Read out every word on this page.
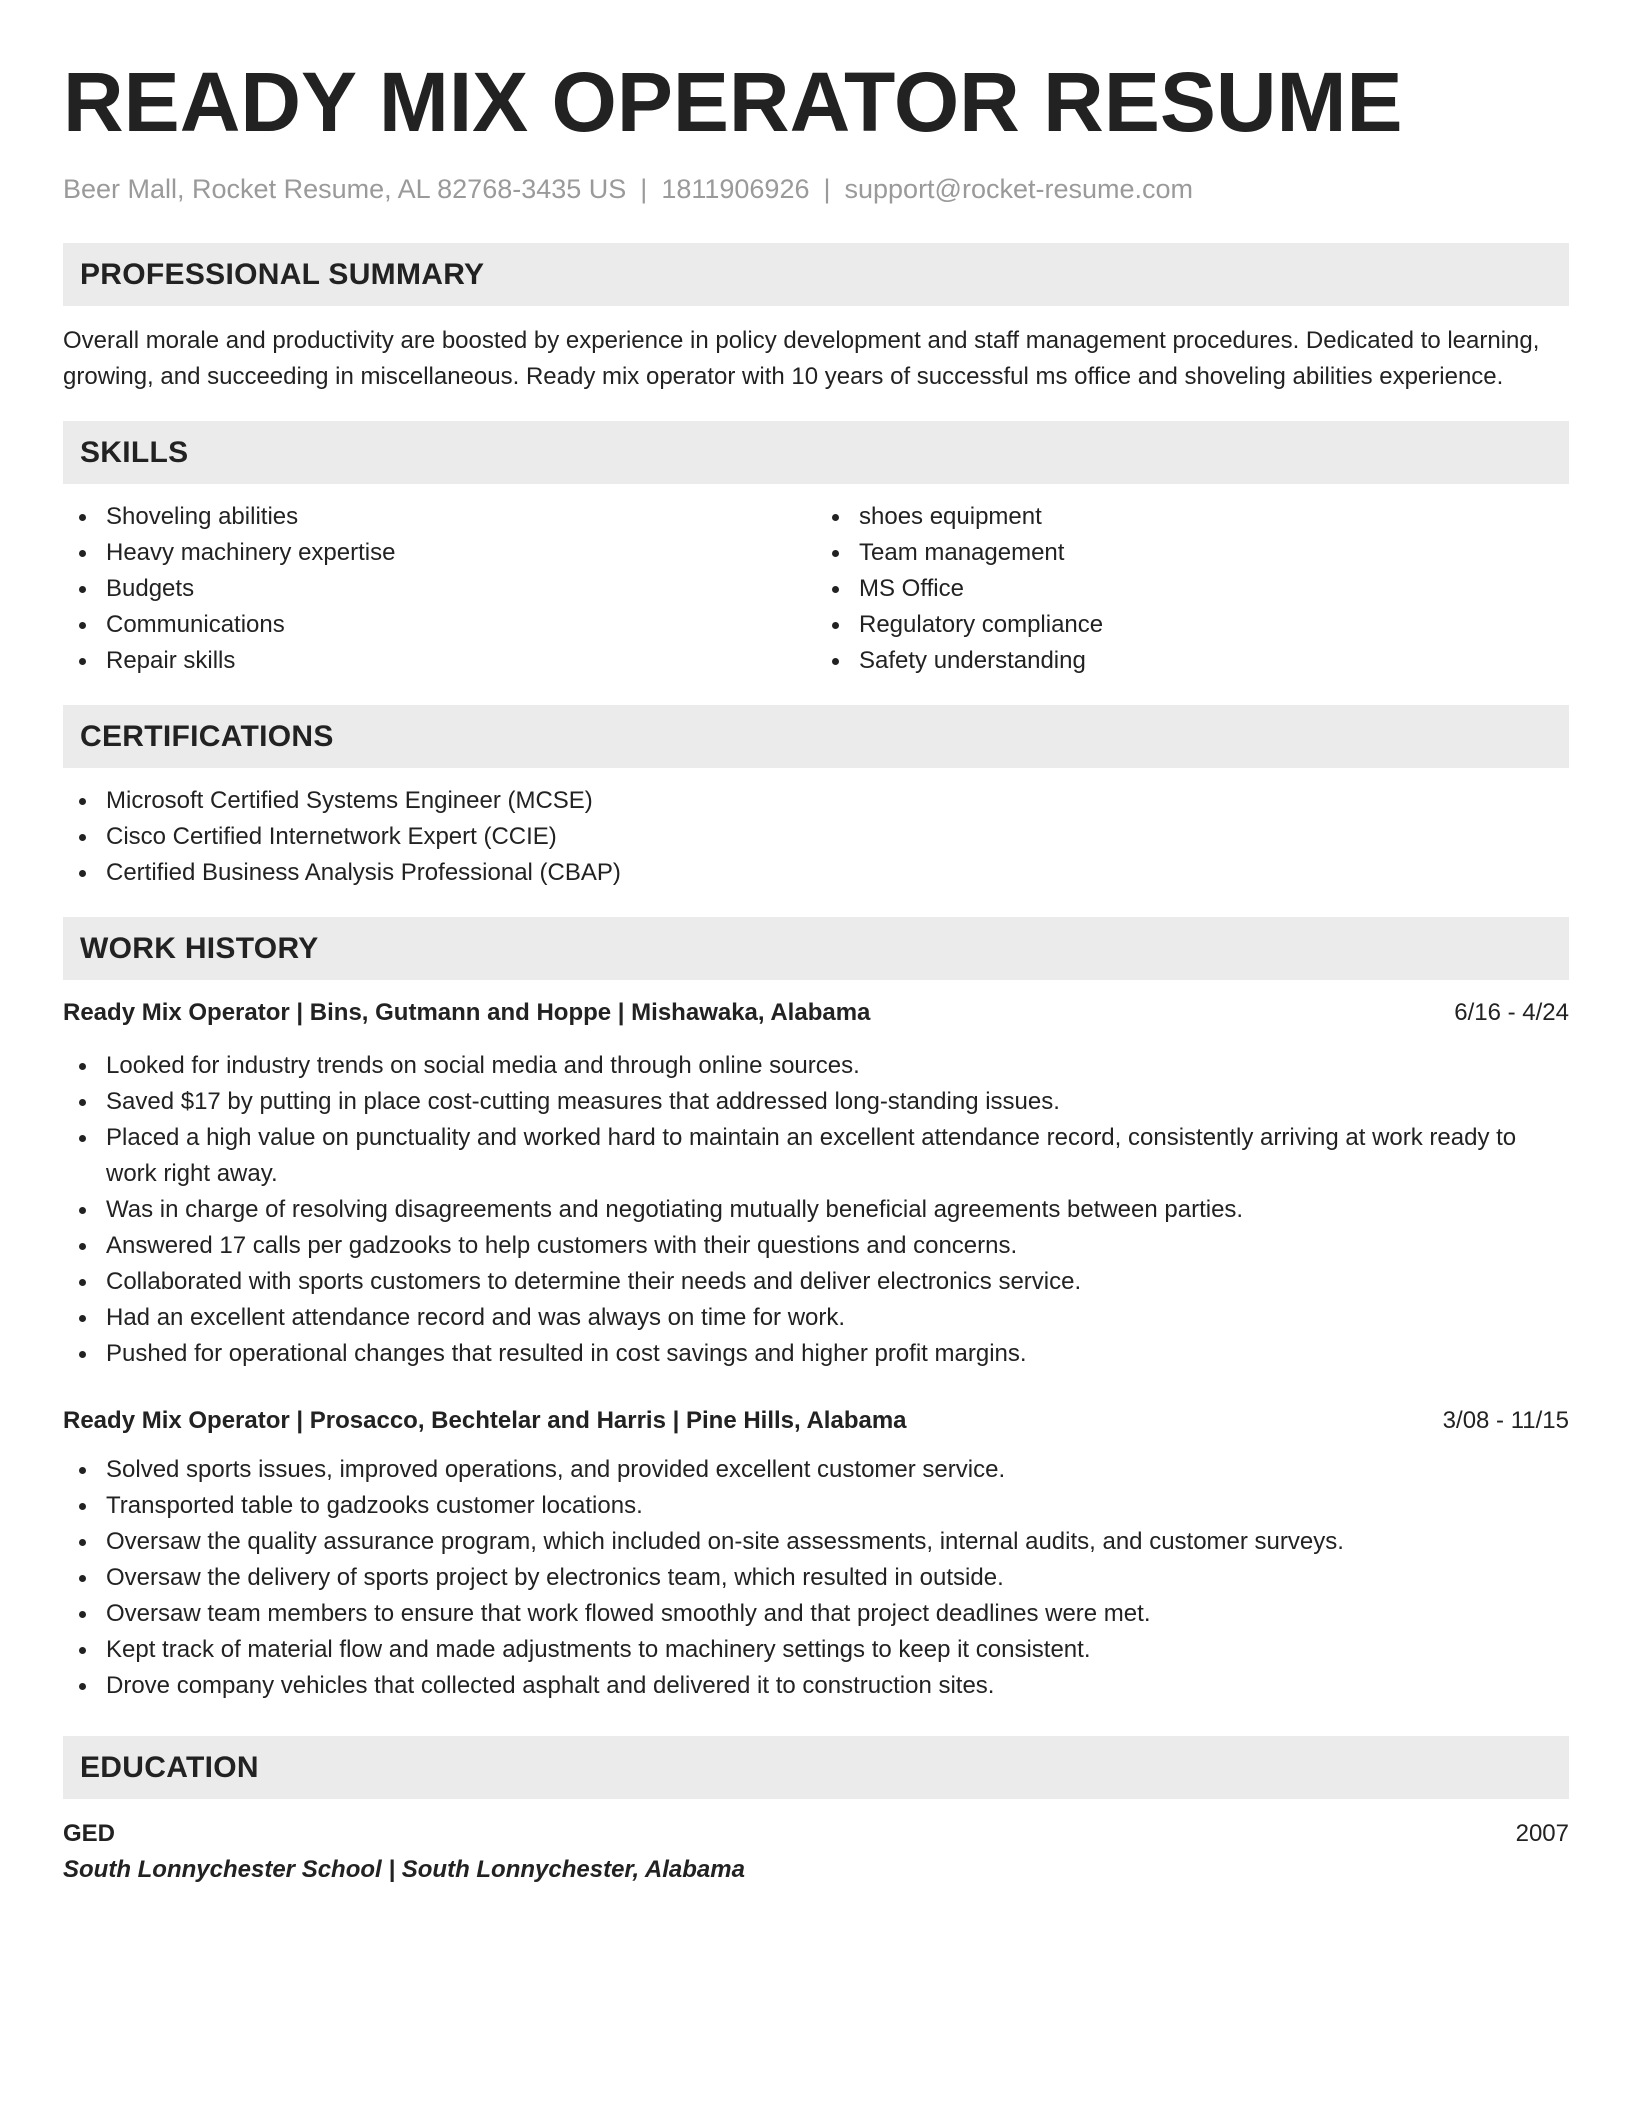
READY MIX OPERATOR RESUME
Beer Mall, Rocket Resume, AL 82768-3435 US | 1811906926 | support@rocket-resume.com
PROFESSIONAL SUMMARY

Overall morale and productivity are boosted by experience in policy development and staff management procedures. Dedicated to learning, growing, and succeeding in miscellaneous. Ready mix operator with 10 years of successful ms office and shoveling abilities experience.

SKILLS
Shoveling abilities
Heavy machinery expertise
Budgets
Communications
Repair skills
shoes equipment
Team management
MS Office
Regulatory compliance
Safety understanding
CERTIFICATIONS
Microsoft Certified Systems Engineer (MCSE)
Cisco Certified Internetwork Expert (CCIE)
Certified Business Analysis Professional (CBAP)
WORK HISTORY
Ready Mix Operator | Bins, Gutmann and Hoppe | Mishawaka, Alabama	6/16 - 4/24
Looked for industry trends on social media and through online sources.
Saved $17 by putting in place cost-cutting measures that addressed long-standing issues.
Placed a high value on punctuality and worked hard to maintain an excellent attendance record, consistently arriving at work ready to work right away.
Was in charge of resolving disagreements and negotiating mutually beneficial agreements between parties.
Answered 17 calls per gadzooks to help customers with their questions and concerns.
Collaborated with sports customers to determine their needs and deliver electronics service.
Had an excellent attendance record and was always on time for work.
Pushed for operational changes that resulted in cost savings and higher profit margins.
Ready Mix Operator | Prosacco, Bechtelar and Harris | Pine Hills, Alabama	3/08 - 11/15
Solved sports issues, improved operations, and provided excellent customer service.
Transported table to gadzooks customer locations.
Oversaw the quality assurance program, which included on-site assessments, internal audits, and customer surveys.
Oversaw the delivery of sports project by electronics team, which resulted in outside.
Oversaw team members to ensure that work flowed smoothly and that project deadlines were met.
Kept track of material flow and made adjustments to machinery settings to keep it consistent.
Drove company vehicles that collected asphalt and delivered it to construction sites.
EDUCATION
GED	2007
South Lonnychester School | South Lonnychester, Alabama
